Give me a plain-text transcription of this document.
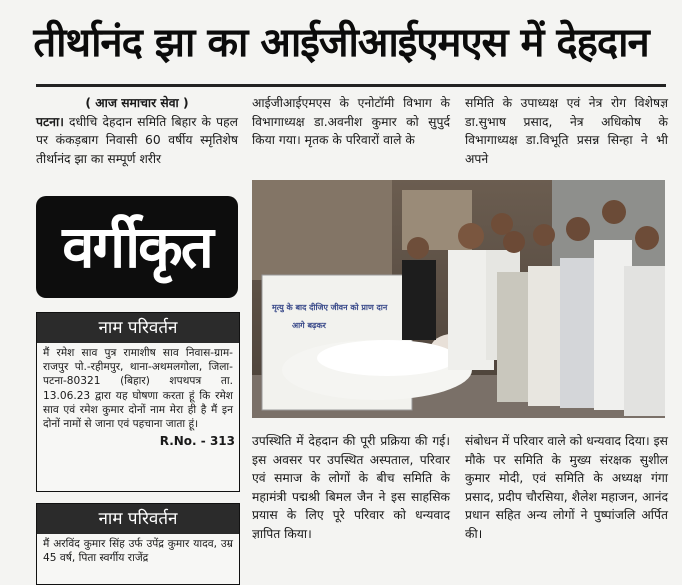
तीर्थानंद झा का आईजीआईएमएस में देहदान
( आज समाचार सेवा )

पटना। दधीचि देहदान समिति बिहार के पहल पर कंकड़बाग निवासी 60 वर्षीय स्मृतिशेष तीर्थानंद झा का सम्पूर्ण शरीर

आईजीआईएमएस के एनोटॉमी विभाग के विभागाध्यक्ष डा.अवनीश कुमार को सुपुर्द किया गया। मृतक के परिवारों वाले के

समिति के उपाध्यक्ष एवं नेत्र रोग विशेषज्ञ डा.सुभाष प्रसाद, नेत्र अधिकोष के विभागाध्यक्ष डा.विभूति प्रसन्न सिन्हा ने भी अपने

वर्गीकृत
नाम परिवर्तन
मैं रमेश साव पुत्र रामाशीष साव निवास-ग्राम-राजपुर पो.-रहीमपुर, थाना-अथमलगोला, जिला-पटना-80321 (बिहार) शपथपत्र ता. 13.06.23 द्वारा यह घोषणा करता हूं कि रमेश साव एवं रमेश कुमार दोनों नाम मेरा ही है मैं इन दोनों नामों से जाना एवं पहचाना जाता हूं।
R.No. - 313
नाम परिवर्तन
मैं अरविंद कुमार सिंह उर्फ उपेंद्र कुमार यादव, उम्र 45 वर्ष, पिता स्वर्गीय राजेंद्र
मृत्यु के बाद दीजिए जीवन को प्राण दान
आगे बढ़कर

उपस्थिति में देहदान की पूरी प्रक्रिया की गई। इस अवसर पर उपस्थित अस्पताल, परिवार एवं समाज के लोगों के बीच समिति के महामंत्री पद्मश्री बिमल जैन ने इस साहसिक प्रयास के लिए पूरे परिवार को धन्यवाद ज्ञापित किया।

संबोधन में परिवार वाले को धन्यवाद दिया। इस मौके पर समिति के मुख्य संरक्षक सुशील कुमार मोदी, एवं समिति के अध्यक्ष गंगा प्रसाद, प्रदीप चौरसिया, शैलेश महाजन, आनंद प्रधान सहित अन्य लोगों ने पुष्पांजलि अर्पित की।
